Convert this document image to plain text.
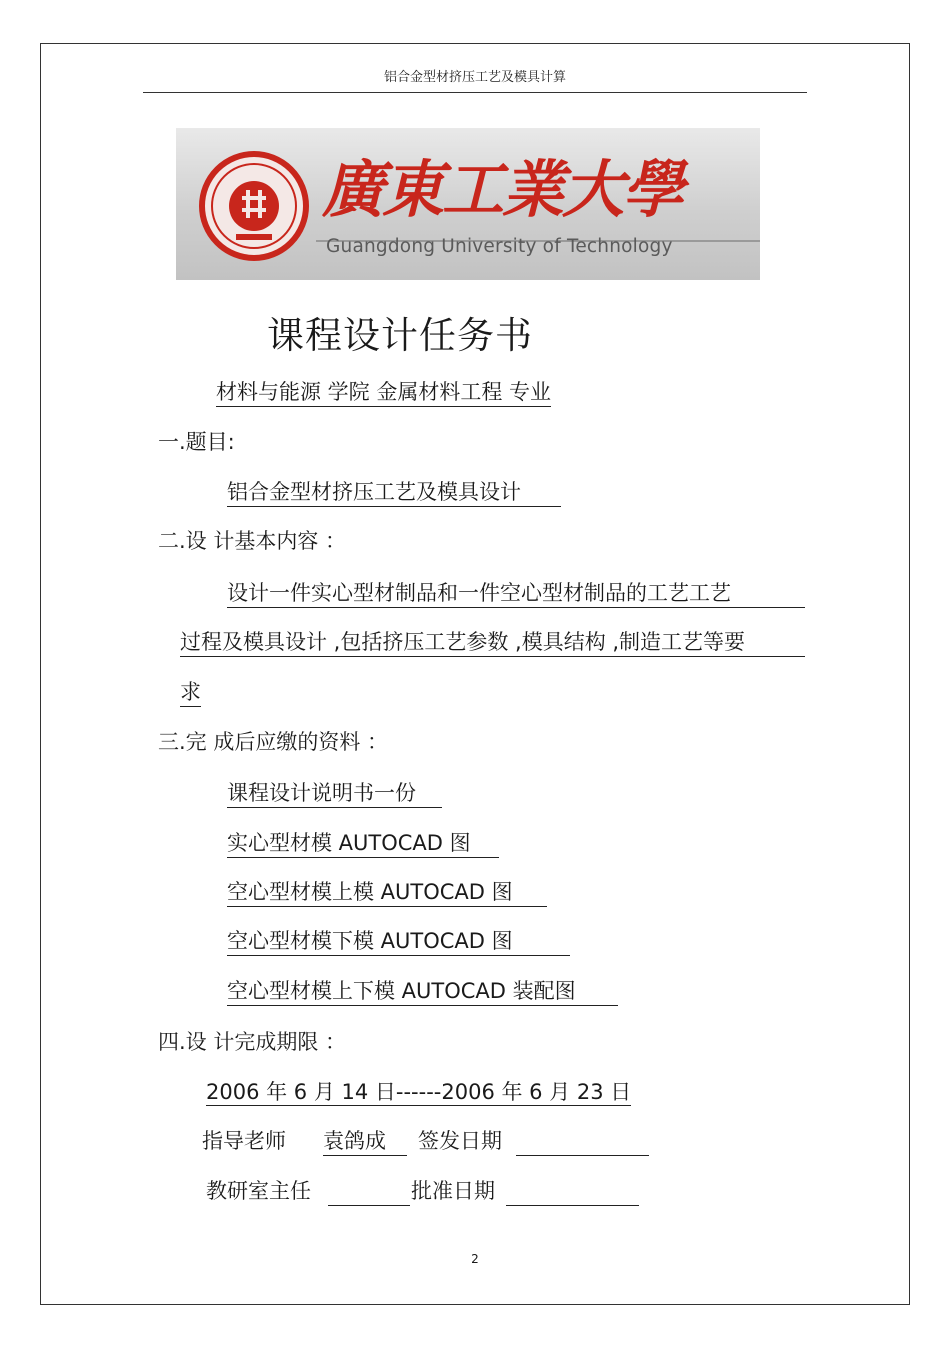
铝合金型材挤压工艺及模具计算
廣東工業大學
Guangdong University of Technology
课程设计任务书
材料与能源 学院 金属材料工程 专业
一.题目:
铝合金型材挤压工艺及模具设计
二.设 计基本内容 ：
设计一件实心型材制品和一件空心型材制品的工艺工艺
过程及模具设计 ,包括挤压工艺参数 ,模具结构 ,制造工艺等要
求
三.完 成后应缴的资料 ：
课程设计说明书一份
实心型材模 AUTOCAD 图
空心型材模上模 AUTOCAD 图
空心型材模下模 AUTOCAD 图
空心型材模上下模 AUTOCAD 装配图
四.设 计完成期限 ：
2006 年 6 月 14 日------2006 年 6 月 23 日
指导老师 袁鸽成	签发日期
教研室主任	批准日期
2
